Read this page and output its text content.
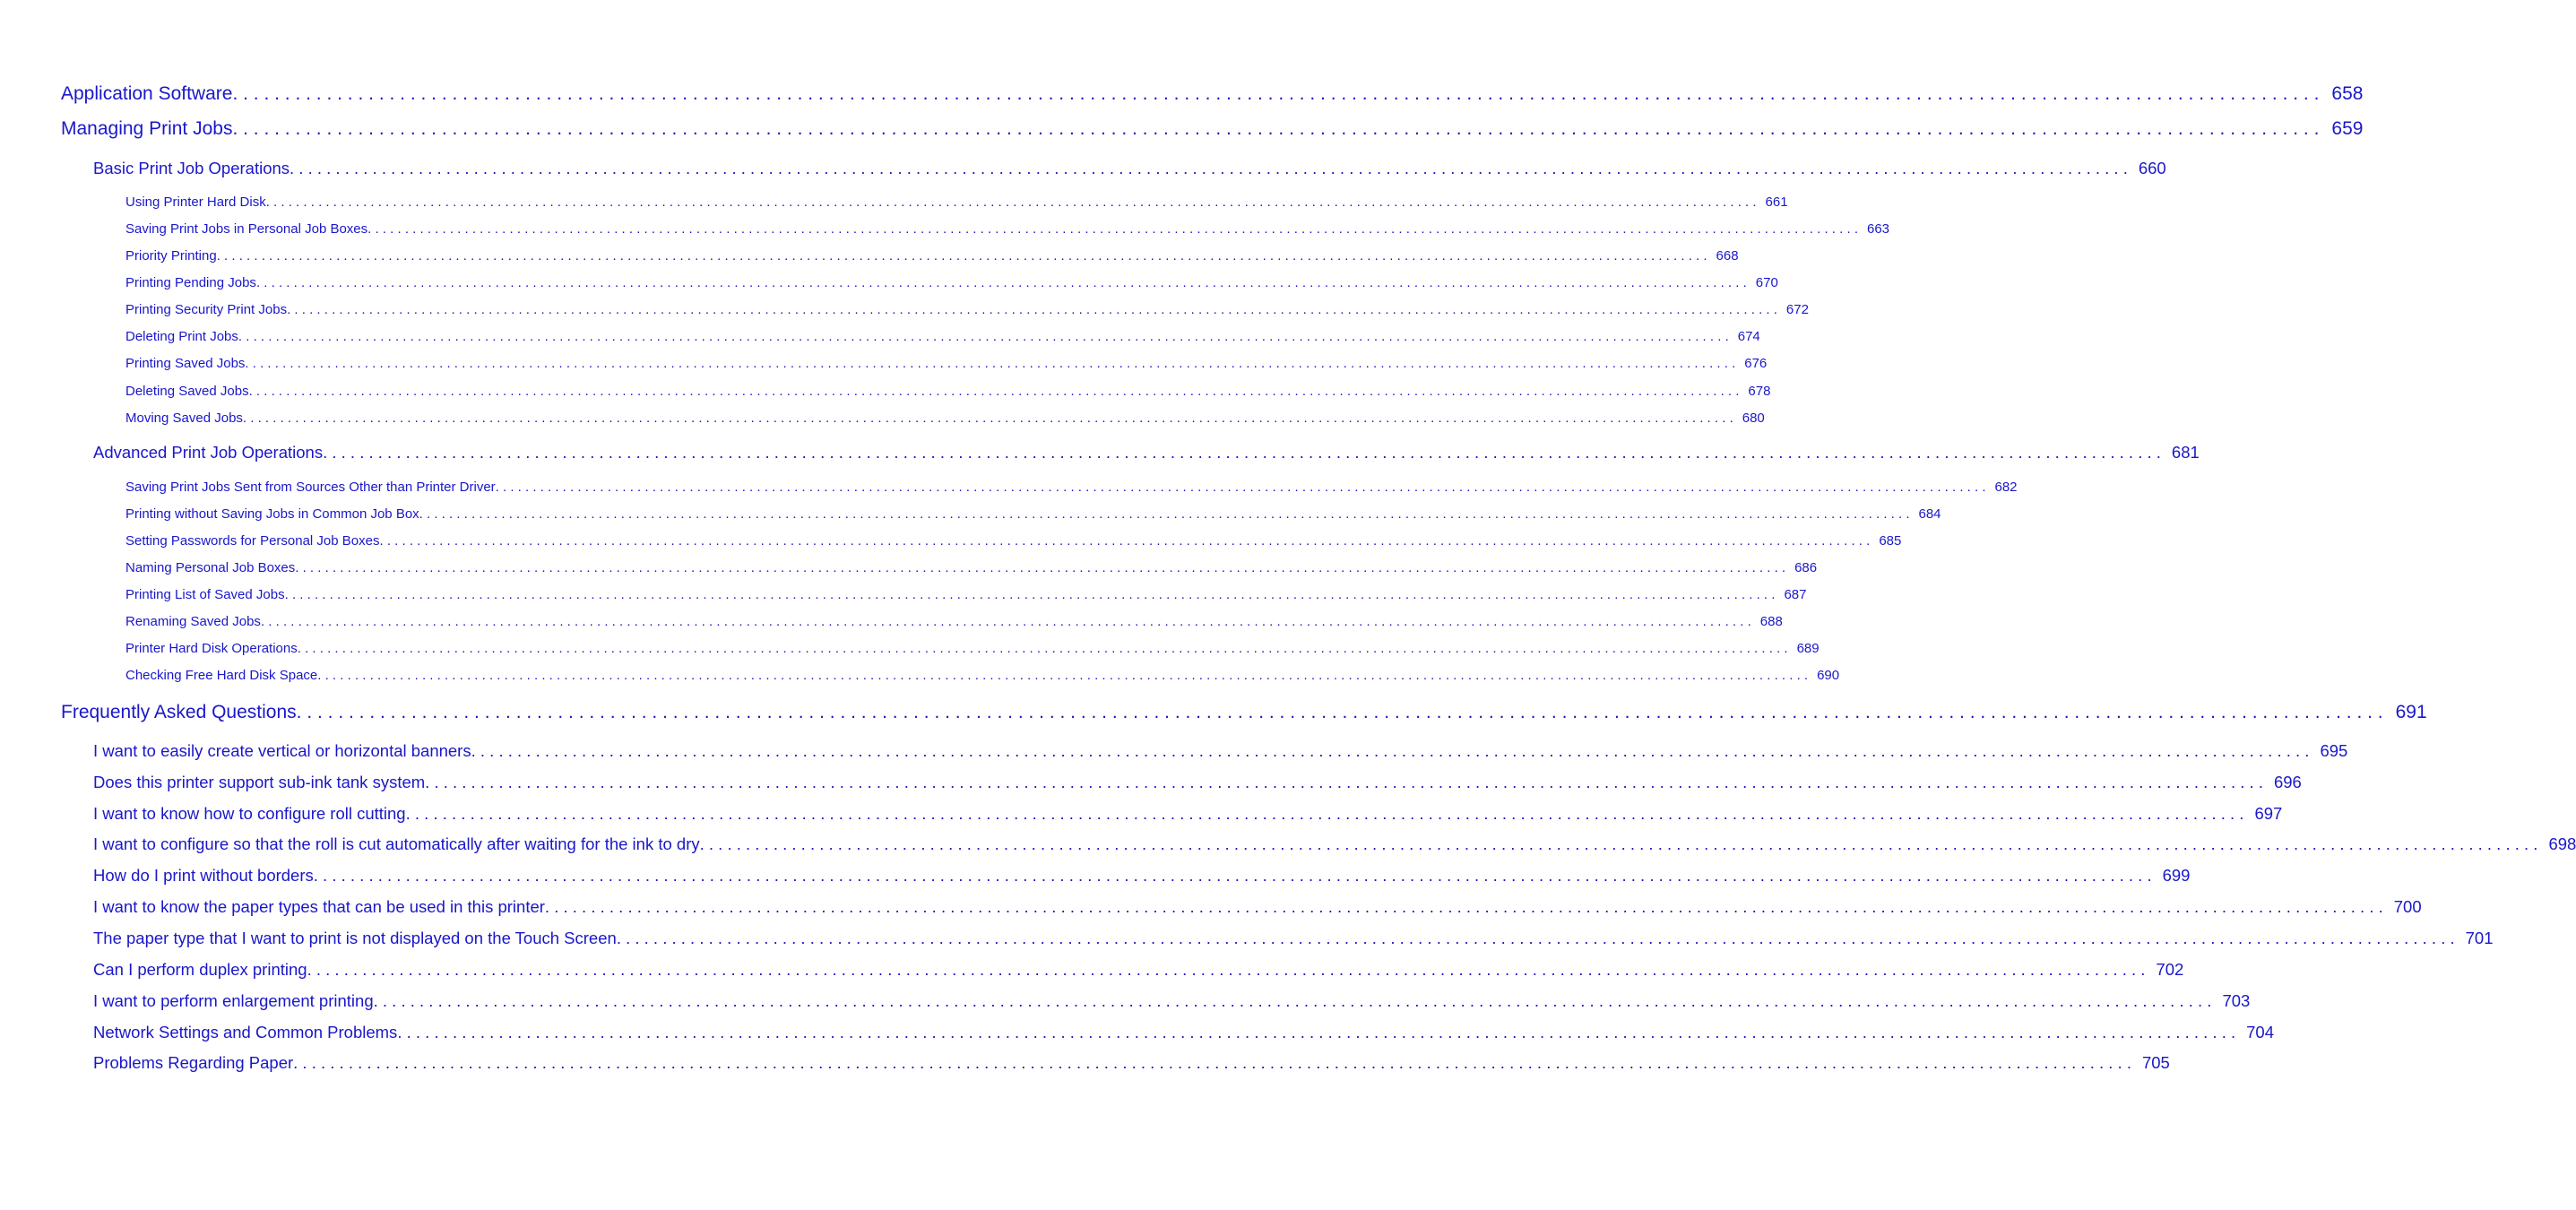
Application Software . . . . . . . . . . . . . . . . . . . . . . . . . . . . . . . . . . . . . . . . . . . . . . . . . . . . . . . . . . . . . . . . . . . . . . . . . . . . . . . . . . . . . . . . . . . . . . . . . . . . . . . . . . . . . . . . . . . . . . . . . . . . . . . . . . . . . . . . . . . . . . . . . . . . . . . . . . . . . . . . . . . . . . . . . . . . . . . . . . . . . . . . . . . . . . . . . . . . . . . . 658
Managing Print Jobs . . . . . . . . . . . . . . . . . . . . . . . . . . . . . . . . . . . . . . . . . . . . . . . . . . . . . . . . . . . . . . . . . . . . . . . . . . . . . . . . . . . . . . . . . . . . . . . . . . . . . . . . . . . . . . . . . . . . . . . . . . . . . . . . . . . . . . . . . . . . . . . . . . . . . . . . . . . . . . . . . . . . . . . . . . . . . . . . . . . . . . . . . . . . . . . . . . . . . . . . 659
Basic Print Job Operations . . . . . . . . . . . . . . . . . . . . . . . . . . . . . . . . . . . . . . . . . . . . . . . . . . . . . . . . . . . . . . . . . . . . . . . . . . . . . . . . . . . . . . . . . . . . . . . . . . . . . . . . . . . . . . . . . . . . . . . . . . . . . . . . . . . . . . . . . . . . . . . . . . . . . . . . . . . . . . . . . . . . . . . . . . . . . . . . . . . . . . . . . . . . . . . . . . . . . . . . 660
Using Printer Hard Disk . . . . . . . . . . . . . . . . . . . . . . . . . . . . . . . . . . . . . . . . . . . . . . . . . . . . . . . . . . . . . . . . . . . . . . . . . . . . . . . . . . . . . . . . . . . . . . . . . . . . . . . . . . . . . . . . . . . . . . . . . . . . . . . . . . . . . . . . . . . . . . . . . . . . . . . . . . . . . . . . . . . . . . . . . . . . . . . . . . . . . . . . . . . . . . . . . . . . . . . . 661
Saving Print Jobs in Personal Job Boxes . . . . . . . . . . . . . . . . . . . . . . . . . . . . . . . . . . . . . . . . . . . . . . . . . . . . . . . . . . . . . . . . . . . . . . . . . . . . . . . . . . . . . . . . . . . . . . . . . . . . . . . . . . . . . . . . . . . . . . . . . . . . . . . . . . . . . . . . . . . . . . . . . . . . . . . . . . . . . . . . . . . . . . . . . . . . . . . . . . . . . . . . . . . . . . . . . . . . . . . . 663
Priority Printing . . . . . . . . . . . . . . . . . . . . . . . . . . . . . . . . . . . . . . . . . . . . . . . . . . . . . . . . . . . . . . . . . . . . . . . . . . . . . . . . . . . . . . . . . . . . . . . . . . . . . . . . . . . . . . . . . . . . . . . . . . . . . . . . . . . . . . . . . . . . . . . . . . . . . . . . . . . . . . . . . . . . . . . . . . . . . . . . . . . . . . . . . . . . . . . . . . . . . . . . 668
Printing Pending Jobs . . . . . . . . . . . . . . . . . . . . . . . . . . . . . . . . . . . . . . . . . . . . . . . . . . . . . . . . . . . . . . . . . . . . . . . . . . . . . . . . . . . . . . . . . . . . . . . . . . . . . . . . . . . . . . . . . . . . . . . . . . . . . . . . . . . . . . . . . . . . . . . . . . . . . . . . . . . . . . . . . . . . . . . . . . . . . . . . . . . . . . . . . . . . . . . . . . . . . . . . 670
Printing Security Print Jobs . . . . . . . . . . . . . . . . . . . . . . . . . . . . . . . . . . . . . . . . . . . . . . . . . . . . . . . . . . . . . . . . . . . . . . . . . . . . . . . . . . . . . . . . . . . . . . . . . . . . . . . . . . . . . . . . . . . . . . . . . . . . . . . . . . . . . . . . . . . . . . . . . . . . . . . . . . . . . . . . . . . . . . . . . . . . . . . . . . . . . . . . . . . . . . . . . . . . . . . . 672
Deleting Print Jobs . . . . . . . . . . . . . . . . . . . . . . . . . . . . . . . . . . . . . . . . . . . . . . . . . . . . . . . . . . . . . . . . . . . . . . . . . . . . . . . . . . . . . . . . . . . . . . . . . . . . . . . . . . . . . . . . . . . . . . . . . . . . . . . . . . . . . . . . . . . . . . . . . . . . . . . . . . . . . . . . . . . . . . . . . . . . . . . . . . . . . . . . . . . . . . . . . . . . . . . . 674
Printing Saved Jobs . . . . . . . . . . . . . . . . . . . . . . . . . . . . . . . . . . . . . . . . . . . . . . . . . . . . . . . . . . . . . . . . . . . . . . . . . . . . . . . . . . . . . . . . . . . . . . . . . . . . . . . . . . . . . . . . . . . . . . . . . . . . . . . . . . . . . . . . . . . . . . . . . . . . . . . . . . . . . . . . . . . . . . . . . . . . . . . . . . . . . . . . . . . . . . . . . . . . . . . . 676
Deleting Saved Jobs . . . . . . . . . . . . . . . . . . . . . . . . . . . . . . . . . . . . . . . . . . . . . . . . . . . . . . . . . . . . . . . . . . . . . . . . . . . . . . . . . . . . . . . . . . . . . . . . . . . . . . . . . . . . . . . . . . . . . . . . . . . . . . . . . . . . . . . . . . . . . . . . . . . . . . . . . . . . . . . . . . . . . . . . . . . . . . . . . . . . . . . . . . . . . . . . . . . . . . . . 678
Moving Saved Jobs . . . . . . . . . . . . . . . . . . . . . . . . . . . . . . . . . . . . . . . . . . . . . . . . . . . . . . . . . . . . . . . . . . . . . . . . . . . . . . . . . . . . . . . . . . . . . . . . . . . . . . . . . . . . . . . . . . . . . . . . . . . . . . . . . . . . . . . . . . . . . . . . . . . . . . . . . . . . . . . . . . . . . . . . . . . . . . . . . . . . . . . . . . . . . . . . . . . . . . . . 680
Advanced Print Job Operations . . . . . . . . . . . . . . . . . . . . . . . . . . . . . . . . . . . . . . . . . . . . . . . . . . . . . . . . . . . . . . . . . . . . . . . . . . . . . . . . . . . . . . . . . . . . . . . . . . . . . . . . . . . . . . . . . . . . . . . . . . . . . . . . . . . . . . . . . . . . . . . . . . . . . . . . . . . . . . . . . . . . . . . . . . . . . . . . . . . . . . . . . . . . . . . . . . . . . . . . 681
Saving Print Jobs Sent from Sources Other than Printer Driver . . . . . . . . . . . . . . . . . . . . . . . . . . . . . . . . . . . . . . . . . . . . . . . . . . . . . . . . . . . . . . . . . . . . . . . . . . . . . . . . . . . . . . . . . . . . . . . . . . . . . . . . . . . . . . . . . . . . . . . . . . . . . . . . . . . . . . . . . . . . . . . . . . . . . . . . . . . . . . . . . . . . . . . . . . . . . . . . . . . . . . . . . . . . . . . . . . . . . . . . 682
Printing without Saving Jobs in Common Job Box . . . . . . . . . . . . . . . . . . . . . . . . . . . . . . . . . . . . . . . . . . . . . . . . . . . . . . . . . . . . . . . . . . . . . . . . . . . . . . . . . . . . . . . . . . . . . . . . . . . . . . . . . . . . . . . . . . . . . . . . . . . . . . . . . . . . . . . . . . . . . . . . . . . . . . . . . . . . . . . . . . . . . . . . . . . . . . . . . . . . . . . . . . . . . . . . . . . . . . . . 684
Setting Passwords for Personal Job Boxes . . . . . . . . . . . . . . . . . . . . . . . . . . . . . . . . . . . . . . . . . . . . . . . . . . . . . . . . . . . . . . . . . . . . . . . . . . . . . . . . . . . . . . . . . . . . . . . . . . . . . . . . . . . . . . . . . . . . . . . . . . . . . . . . . . . . . . . . . . . . . . . . . . . . . . . . . . . . . . . . . . . . . . . . . . . . . . . . . . . . . . . . . . . . . . . . . . . . . . . . 685
Naming Personal Job Boxes . . . . . . . . . . . . . . . . . . . . . . . . . . . . . . . . . . . . . . . . . . . . . . . . . . . . . . . . . . . . . . . . . . . . . . . . . . . . . . . . . . . . . . . . . . . . . . . . . . . . . . . . . . . . . . . . . . . . . . . . . . . . . . . . . . . . . . . . . . . . . . . . . . . . . . . . . . . . . . . . . . . . . . . . . . . . . . . . . . . . . . . . . . . . . . . . . . . . . . . . 686
Printing List of Saved Jobs . . . . . . . . . . . . . . . . . . . . . . . . . . . . . . . . . . . . . . . . . . . . . . . . . . . . . . . . . . . . . . . . . . . . . . . . . . . . . . . . . . . . . . . . . . . . . . . . . . . . . . . . . . . . . . . . . . . . . . . . . . . . . . . . . . . . . . . . . . . . . . . . . . . . . . . . . . . . . . . . . . . . . . . . . . . . . . . . . . . . . . . . . . . . . . . . . . . . . . . . 687
Renaming Saved Jobs . . . . . . . . . . . . . . . . . . . . . . . . . . . . . . . . . . . . . . . . . . . . . . . . . . . . . . . . . . . . . . . . . . . . . . . . . . . . . . . . . . . . . . . . . . . . . . . . . . . . . . . . . . . . . . . . . . . . . . . . . . . . . . . . . . . . . . . . . . . . . . . . . . . . . . . . . . . . . . . . . . . . . . . . . . . . . . . . . . . . . . . . . . . . . . . . . . . . . . . . 688
Printer Hard Disk Operations . . . . . . . . . . . . . . . . . . . . . . . . . . . . . . . . . . . . . . . . . . . . . . . . . . . . . . . . . . . . . . . . . . . . . . . . . . . . . . . . . . . . . . . . . . . . . . . . . . . . . . . . . . . . . . . . . . . . . . . . . . . . . . . . . . . . . . . . . . . . . . . . . . . . . . . . . . . . . . . . . . . . . . . . . . . . . . . . . . . . . . . . . . . . . . . . . . . . . . . . 689
Checking Free Hard Disk Space . . . . . . . . . . . . . . . . . . . . . . . . . . . . . . . . . . . . . . . . . . . . . . . . . . . . . . . . . . . . . . . . . . . . . . . . . . . . . . . . . . . . . . . . . . . . . . . . . . . . . . . . . . . . . . . . . . . . . . . . . . . . . . . . . . . . . . . . . . . . . . . . . . . . . . . . . . . . . . . . . . . . . . . . . . . . . . . . . . . . . . . . . . . . . . . . . . . . . . . . 690
Frequently Asked Questions . . . . . . . . . . . . . . . . . . . . . . . . . . . . . . . . . . . . . . . . . . . . . . . . . . . . . . . . . . . . . . . . . . . . . . . . . . . . . . . . . . . . . . . . . . . . . . . . . . . . . . . . . . . . . . . . . . . . . . . . . . . . . . . . . . . . . . . . . . . . . . . . . . . . . . . . . . . . . . . . . . . . . . . . . . . . . . . . . . . . . . . . . . . . . . . . . . . . . . . . 691
I want to easily create vertical or horizontal banners . . . . . . . . . . . . . . . . . . . . . . . . . . . . . . . . . . . . . . . . . . . . . . . . . . . . . . . . . . . . . . . . . . . . . . . . . . . . . . . . . . . . . . . . . . . . . . . . . . . . . . . . . . . . . . . . . . . . . . . . . . . . . . . . . . . . . . . . . . . . . . . . . . . . . . . . . . . . . . . . . . . . . . . . . . . . . . . . . . . . . . . . . . . . . . . . . . . . . . . . 695
Does this printer support sub-ink tank system . . . . . . . . . . . . . . . . . . . . . . . . . . . . . . . . . . . . . . . . . . . . . . . . . . . . . . . . . . . . . . . . . . . . . . . . . . . . . . . . . . . . . . . . . . . . . . . . . . . . . . . . . . . . . . . . . . . . . . . . . . . . . . . . . . . . . . . . . . . . . . . . . . . . . . . . . . . . . . . . . . . . . . . . . . . . . . . . . . . . . . . . . . . . . . . . . . . . . . . . 696
I want to know how to configure roll cutting . . . . . . . . . . . . . . . . . . . . . . . . . . . . . . . . . . . . . . . . . . . . . . . . . . . . . . . . . . . . . . . . . . . . . . . . . . . . . . . . . . . . . . . . . . . . . . . . . . . . . . . . . . . . . . . . . . . . . . . . . . . . . . . . . . . . . . . . . . . . . . . . . . . . . . . . . . . . . . . . . . . . . . . . . . . . . . . . . . . . . . . . . . . . . . . . . . . . . . . . 697
I want to configure so that the roll is cut automatically after waiting for the ink to dry . . . . . . . . . . . . . . . . . . . . . . . . . . . . . . . . . . . . . . . . . . . . . . . . . . . . . . . . . . . . . . . . . . . . . . . . . . . . . . . . . . . . . . . . . . . . . . . . . . . . . . . . . . . . . . . . . . . . . . . . . . . . . . . . . . . . . . . . . . . . . . . . . . . . . . . . . . . . . . . . . . . . . . . . . . . . . . . . . . . . . . . . . . . . . . . . . . . . . . . . 698
How do I print without borders . . . . . . . . . . . . . . . . . . . . . . . . . . . . . . . . . . . . . . . . . . . . . . . . . . . . . . . . . . . . . . . . . . . . . . . . . . . . . . . . . . . . . . . . . . . . . . . . . . . . . . . . . . . . . . . . . . . . . . . . . . . . . . . . . . . . . . . . . . . . . . . . . . . . . . . . . . . . . . . . . . . . . . . . . . . . . . . . . . . . . . . . . . . . . . . . . . . . . . . . 699
I want to know the paper types that can be used in this printer . . . . . . . . . . . . . . . . . . . . . . . . . . . . . . . . . . . . . . . . . . . . . . . . . . . . . . . . . . . . . . . . . . . . . . . . . . . . . . . . . . . . . . . . . . . . . . . . . . . . . . . . . . . . . . . . . . . . . . . . . . . . . . . . . . . . . . . . . . . . . . . . . . . . . . . . . . . . . . . . . . . . . . . . . . . . . . . . . . . . . . . . . . . . . . . . . . . . . . . . 700
The paper type that I want to print is not displayed on the Touch Screen . . . . . . . . . . . . . . . . . . . . . . . . . . . . . . . . . . . . . . . . . . . . . . . . . . . . . . . . . . . . . . . . . . . . . . . . . . . . . . . . . . . . . . . . . . . . . . . . . . . . . . . . . . . . . . . . . . . . . . . . . . . . . . . . . . . . . . . . . . . . . . . . . . . . . . . . . . . . . . . . . . . . . . . . . . . . . . . . . . . . . . . . . . . . . . . . . . . . . . . . 701
Can I perform duplex printing . . . . . . . . . . . . . . . . . . . . . . . . . . . . . . . . . . . . . . . . . . . . . . . . . . . . . . . . . . . . . . . . . . . . . . . . . . . . . . . . . . . . . . . . . . . . . . . . . . . . . . . . . . . . . . . . . . . . . . . . . . . . . . . . . . . . . . . . . . . . . . . . . . . . . . . . . . . . . . . . . . . . . . . . . . . . . . . . . . . . . . . . . . . . . . . . . . . . . . . . 702
I want to perform enlargement printing . . . . . . . . . . . . . . . . . . . . . . . . . . . . . . . . . . . . . . . . . . . . . . . . . . . . . . . . . . . . . . . . . . . . . . . . . . . . . . . . . . . . . . . . . . . . . . . . . . . . . . . . . . . . . . . . . . . . . . . . . . . . . . . . . . . . . . . . . . . . . . . . . . . . . . . . . . . . . . . . . . . . . . . . . . . . . . . . . . . . . . . . . . . . . . . . . . . . . . . . 703
Network Settings and Common Problems . . . . . . . . . . . . . . . . . . . . . . . . . . . . . . . . . . . . . . . . . . . . . . . . . . . . . . . . . . . . . . . . . . . . . . . . . . . . . . . . . . . . . . . . . . . . . . . . . . . . . . . . . . . . . . . . . . . . . . . . . . . . . . . . . . . . . . . . . . . . . . . . . . . . . . . . . . . . . . . . . . . . . . . . . . . . . . . . . . . . . . . . . . . . . . . . . . . . . . . . 704
Problems Regarding Paper . . . . . . . . . . . . . . . . . . . . . . . . . . . . . . . . . . . . . . . . . . . . . . . . . . . . . . . . . . . . . . . . . . . . . . . . . . . . . . . . . . . . . . . . . . . . . . . . . . . . . . . . . . . . . . . . . . . . . . . . . . . . . . . . . . . . . . . . . . . . . . . . . . . . . . . . . . . . . . . . . . . . . . . . . . . . . . . . . . . . . . . . . . . . . . . . . . . . . . . . 705
